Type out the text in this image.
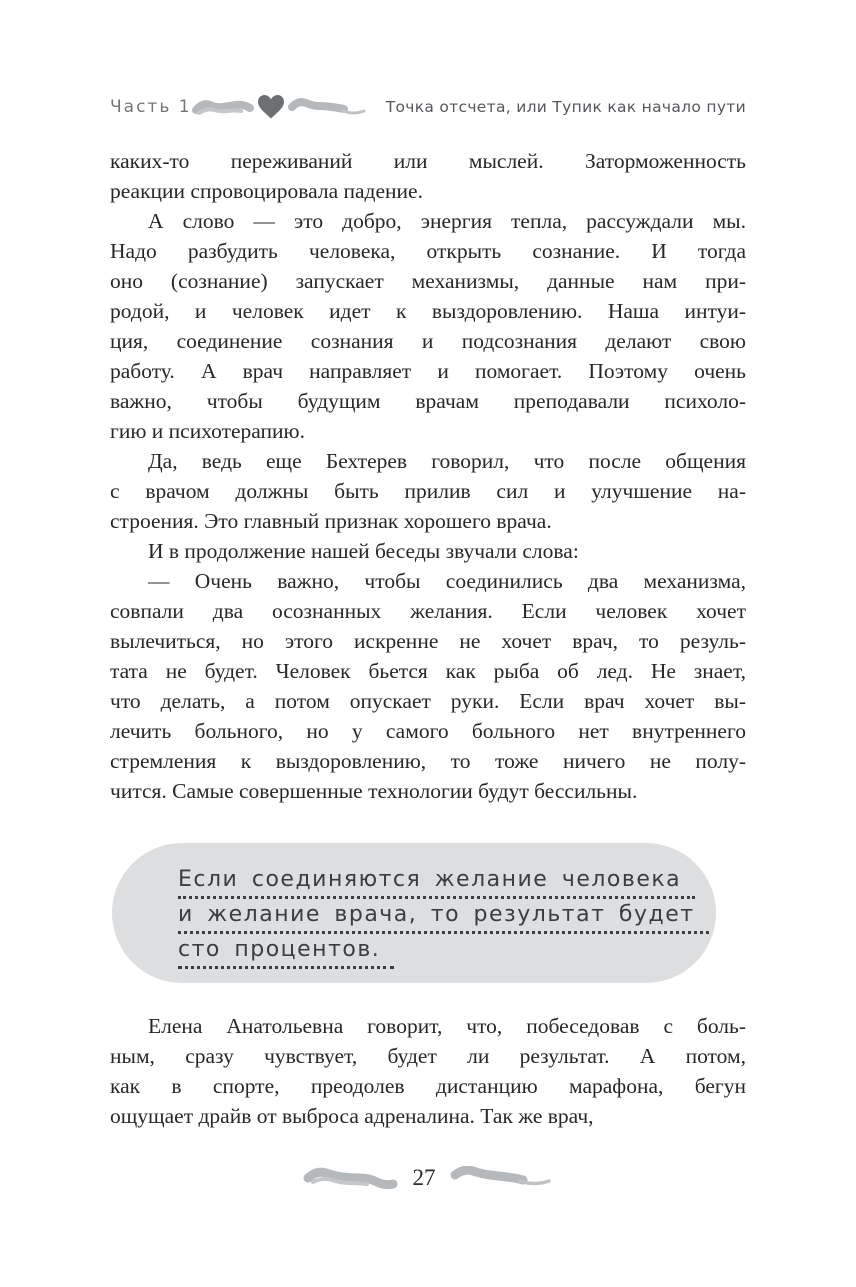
Часть 1	Точка отсчета, или Тупик как начало пути
каких-то переживаний или мыслей. Заторможенность
реакции спровоцировала падение.
А слово — это добро, энергия тепла, рассуждали мы.
Надо разбудить человека, открыть сознание. И тогда
оно (сознание) запускает механизмы, данные нам при-
родой, и человек идет к выздоровлению. Наша интуи-
ция, соединение сознания и подсознания делают свою
работу. А врач направляет и помогает. Поэтому очень
важно, чтобы будущим врачам преподавали психоло-
гию и психотерапию.
Да, ведь еще Бехтерев говорил, что после общения
с врачом должны быть прилив сил и улучшение на-
строения. Это главный признак хорошего врача.
И в продолжение нашей беседы звучали слова:
— Очень важно, чтобы соединились два механизма,
совпали два осознанных желания. Если человек хочет
вылечиться, но этого искренне не хочет врач, то резуль-
тата не будет. Человек бьется как рыба об лед. Не знает,
что делать, а потом опускает руки. Если врач хочет вы-
лечить больного, но у самого больного нет внутреннего
стремления к выздоровлению, то тоже ничего не полу-
чится. Самые совершенные технологии будут бессильны.
Если соединяются желание человека
и желание врача, то результат будет
сто процентов.
Елена Анатольевна говорит, что, побеседовав с боль-
ным, сразу чувствует, будет ли результат. А потом,
как в спорте, преодолев дистанцию марафона, бегун
ощущает драйв от выброса адреналина. Так же врач,
27
